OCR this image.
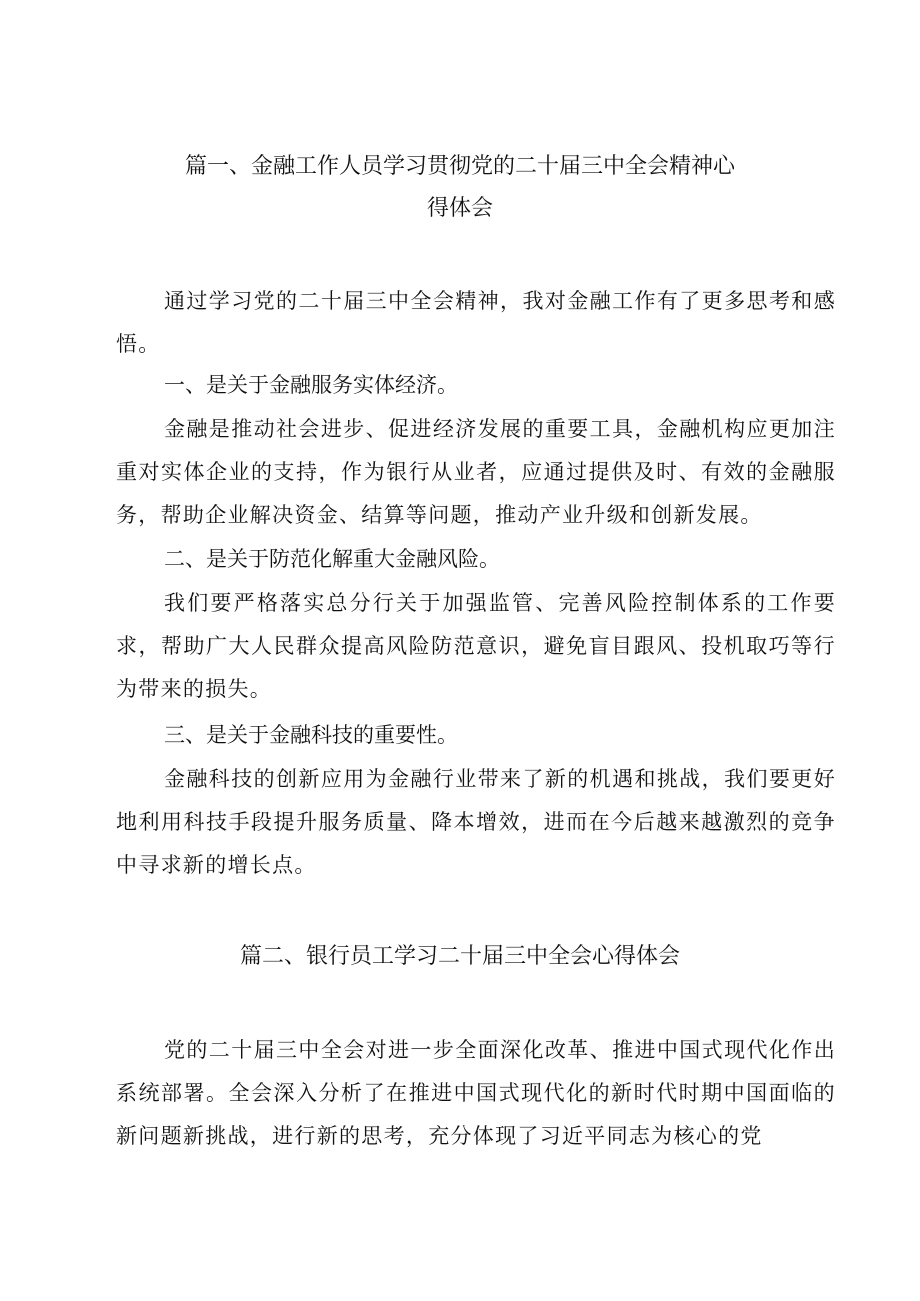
篇一、金融工作人员学习贯彻党的二十届三中全会精神心
得体会

通过学习党的二十届三中全会精神，我对金融工作有了更多思考和感悟。

一、是关于金融服务实体经济。

金融是推动社会进步、促进经济发展的重要工具，金融机构应更加注重对实体企业的支持，作为银行从业者，应通过提供及时、有效的金融服务，帮助企业解决资金、结算等问题，推动产业升级和创新发展。

二、是关于防范化解重大金融风险。

我们要严格落实总分行关于加强监管、完善风险控制体系的工作要求，帮助广大人民群众提高风险防范意识，避免盲目跟风、投机取巧等行为带来的损失。

三、是关于金融科技的重要性。

金融科技的创新应用为金融行业带来了新的机遇和挑战，我们要更好地利用科技手段提升服务质量、降本增效，进而在今后越来越激烈的竞争中寻求新的增长点。

篇二、银行员工学习二十届三中全会心得体会

党的二十届三中全会对进一步全面深化改革、推进中国式现代化作出系统部署。全会深入分析了在推进中国式现代化的新时代时期中国面临的新问题新挑战，进行新的思考，充分体现了习近平同志为核心的党
